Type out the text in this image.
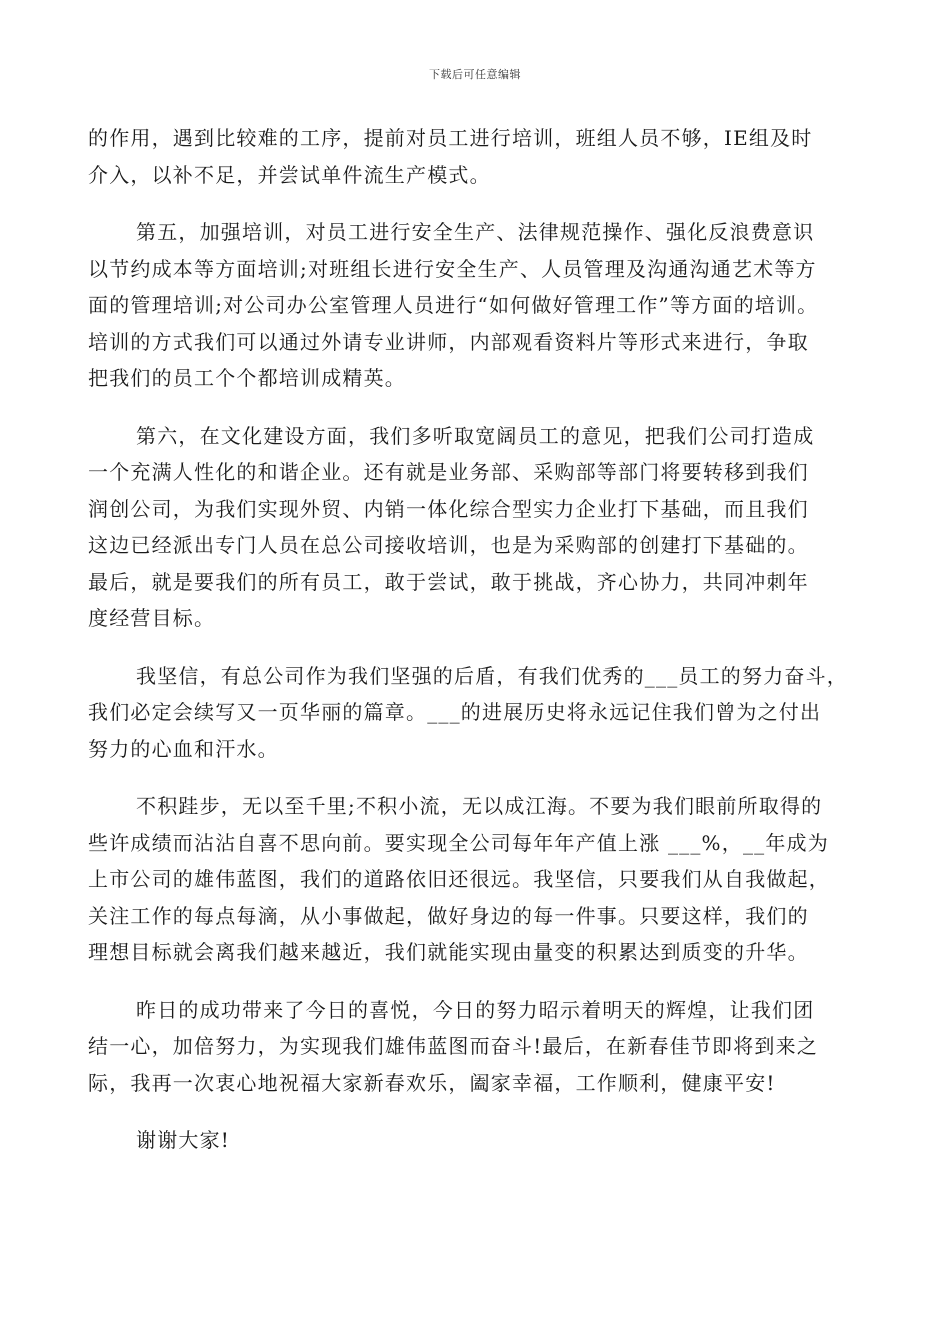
下载后可任意编辑
的作用，遇到比较难的工序，提前对员工进行培训，班组人员不够，IE组及时
介入，以补不足，并尝试单件流生产模式。
第五，加强培训，对员工进行安全生产、法律规范操作、强化反浪费意识
以节约成本等方面培训;对班组长进行安全生产、人员管理及沟通沟通艺术等方
面的管理培训;对公司办公室管理人员进行“如何做好管理工作”等方面的培训。
培训的方式我们可以通过外请专业讲师，内部观看资料片等形式来进行，争取
把我们的员工个个都培训成精英。
第六，在文化建设方面，我们多听取宽阔员工的意见，把我们公司打造成
一个充满人性化的和谐企业。还有就是业务部、采购部等部门将要转移到我们
润创公司，为我们实现外贸、内销一体化综合型实力企业打下基础，而且我们
这边已经派出专门人员在总公司接收培训，也是为采购部的创建打下基础的。
最后，就是要我们的所有员工，敢于尝试，敢于挑战，齐心协力，共同冲刺年
度经营目标。
我坚信，有总公司作为我们坚强的后盾，有我们优秀的___员工的努力奋斗，
我们必定会续写又一页华丽的篇章。___的进展历史将永远记住我们曾为之付出
努力的心血和汗水。
不积跬步，无以至千里;不积小流，无以成江海。不要为我们眼前所取得的
些许成绩而沾沾自喜不思向前。要实现全公司每年年产值上涨 ___%，__年成为
上市公司的雄伟蓝图，我们的道路依旧还很远。我坚信，只要我们从自我做起，
关注工作的每点每滴，从小事做起，做好身边的每一件事。只要这样，我们的
理想目标就会离我们越来越近，我们就能实现由量变的积累达到质变的升华。
昨日的成功带来了今日的喜悦，今日的努力昭示着明天的辉煌，让我们团
结一心，加倍努力，为实现我们雄伟蓝图而奋斗!最后，在新春佳节即将到来之
际，我再一次衷心地祝福大家新春欢乐，阖家幸福，工作顺利，健康平安!
谢谢大家!
